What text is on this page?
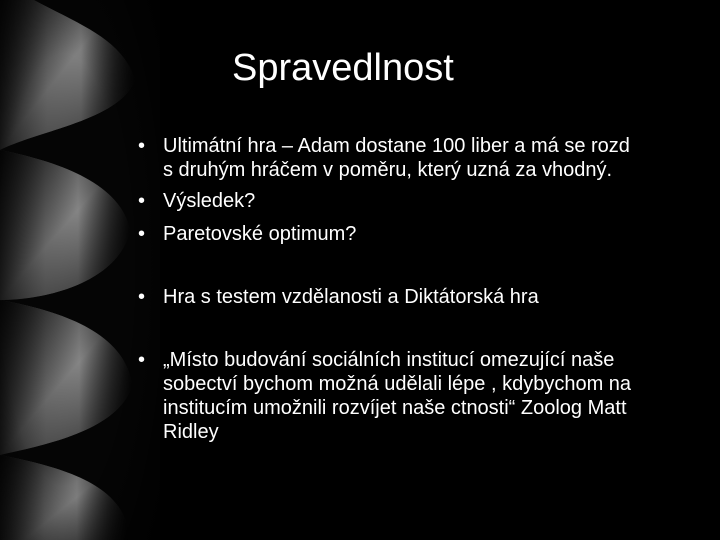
Spravedlnost
• Ultimátní hra – Adam dostane 100 liber a má se rozd
s druhým hráčem v poměru, který uzná za vhodný.
• Výsledek?
• Paretovské optimum?
• Hra s testem vzdělanosti a Diktátorská hra
• „Místo budování sociálních institucí omezující naše
sobectví bychom možná udělali lépe , kdybychom na
institucím umožnili rozvíjet naše ctnosti“ Zoolog Matt
Ridley
